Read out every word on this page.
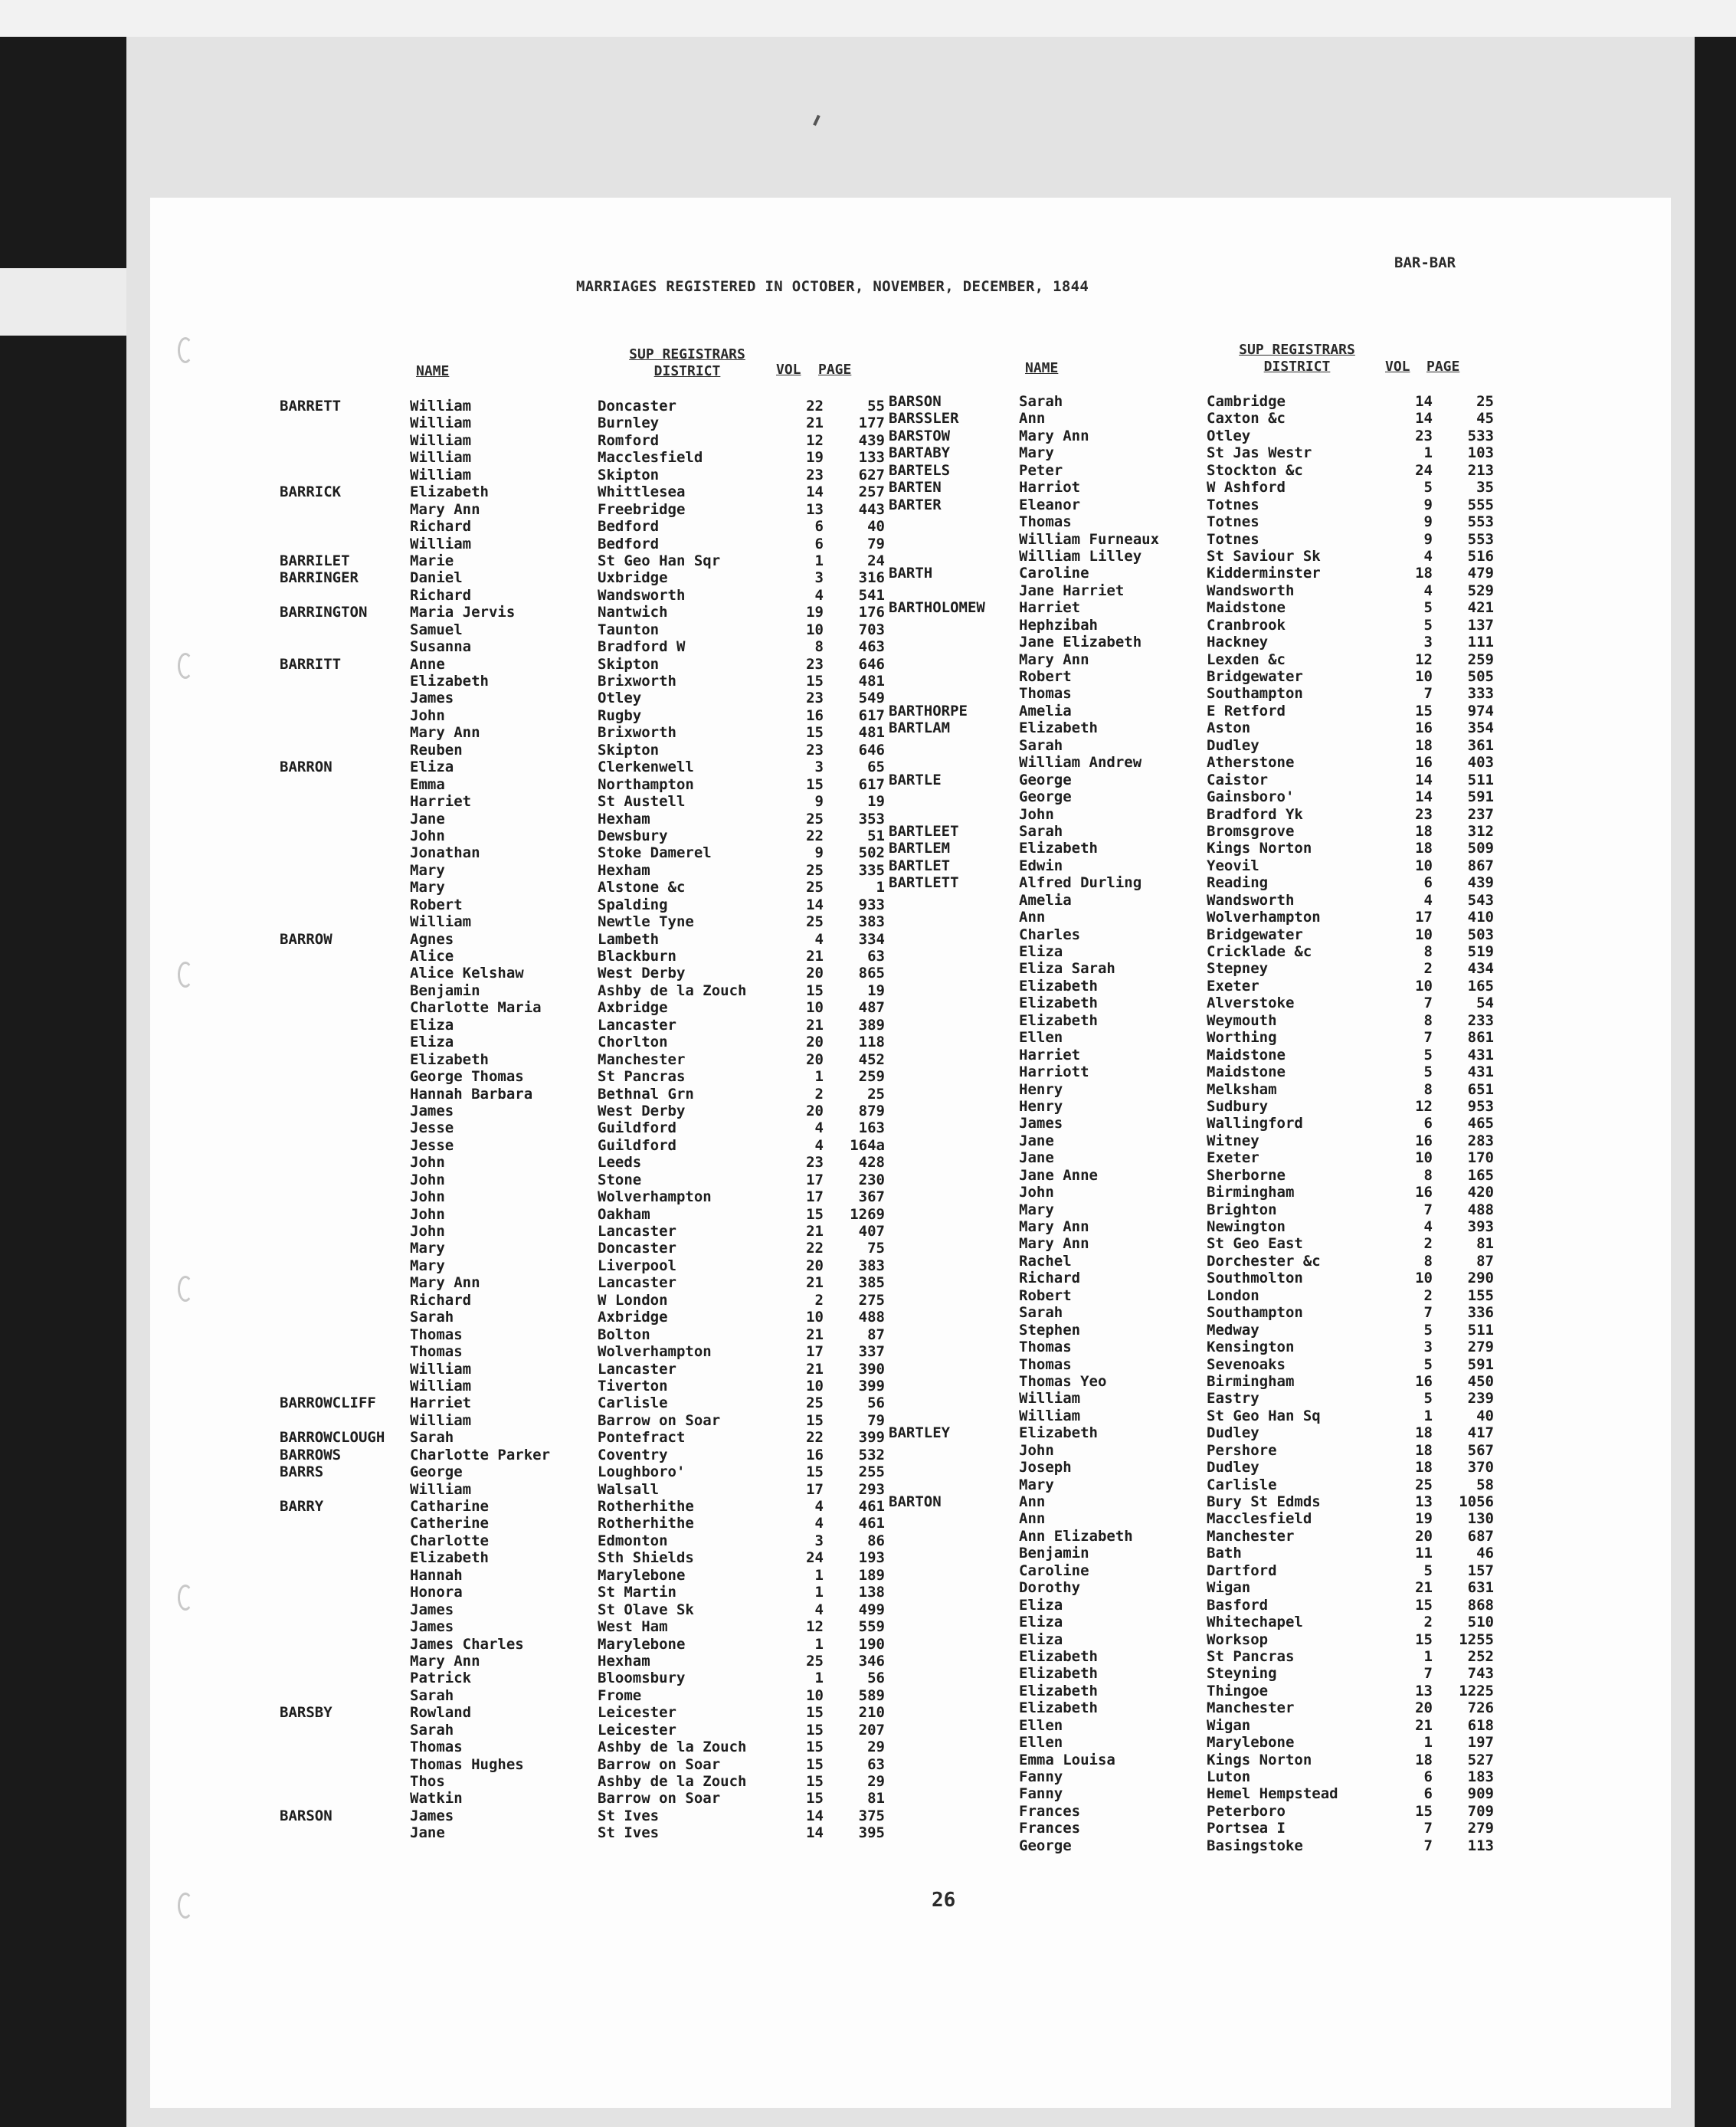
MARRIAGES REGISTERED IN OCTOBER, NOVEMBER, DECEMBER, 1844
BAR-BAR
NAME
SUP REGISTRARS DISTRICT	VOL PAGE	NAME
SUP REGISTRARS DISTRICT	VOL PAGE
BARRETT	William	Doncaster	22	55
William	Burnley	21	177
William	Romford	12	439
William	Macclesfield	19	133
William	Skipton	23	627
BARRICK	Elizabeth	Whittlesea	14	257
Mary Ann	Freebridge	13	443
Richard	Bedford	6	40
William	Bedford	6	79
BARRILET	Marie	St Geo Han Sqr	1	24
BARRINGER	Daniel	Uxbridge	3	316
Richard	Wandsworth	4	541
BARRINGTON	Maria Jervis	Nantwich	19	176
Samuel	Taunton	10	703
Susanna	Bradford W	8	463
BARRITT	Anne	Skipton	23	646
Elizabeth	Brixworth	15	481
James	Otley	23	549
John	Rugby	16	617
Mary Ann	Brixworth	15	481
Reuben	Skipton	23	646
BARRON	Eliza	Clerkenwell	3	65
Emma	Northampton	15	617
Harriet	St Austell	9	19
Jane	Hexham	25	353
John	Dewsbury	22	51
Jonathan	Stoke Damerel	9	502
Mary	Hexham	25	335
Mary	Alstone &c	25	1
Robert	Spalding	14	933
William	Newtle Tyne	25	383
BARROW	Agnes	Lambeth	4	334
Alice	Blackburn	21	63
Alice Kelshaw	West Derby	20	865
Benjamin	Ashby de la Zouch	15	19
Charlotte Maria	Axbridge	10	487
Eliza	Lancaster	21	389
Eliza	Chorlton	20	118
Elizabeth	Manchester	20	452
George Thomas	St Pancras	1	259
Hannah Barbara	Bethnal Grn	2	25
James	West Derby	20	879
Jesse	Guildford	4	163
Jesse	Guildford	4	164a
John	Leeds	23	428
John	Stone	17	230
John	Wolverhampton	17	367
John	Oakham	15	1269
John	Lancaster	21	407
Mary	Doncaster	22	75
Mary	Liverpool	20	383
Mary Ann	Lancaster	21	385
Richard	W London	2	275
Sarah	Axbridge	10	488
Thomas	Bolton	21	87
Thomas	Wolverhampton	17	337
William	Lancaster	21	390
William	Tiverton	10	399
BARROWCLIFF Harriet	Carlisle	25	56
William	Barrow on Soar	15	79
BARROWCLOUGH Sarah	Pontefract	22	399
BARROWS	Charlotte Parker	Coventry	16	532
BARRS	George	Loughboro'	15	255
William	Walsall	17	293
BARRY	Catharine	Rotherhithe	4	461
Catherine	Rotherhithe	4	461
Charlotte	Edmonton	3	86
Elizabeth	Sth Shields	24	193
Hannah	Marylebone	1	189
Honora	St Martin	1	138
James	St Olave Sk	4	499
James	West Ham	12	559
James Charles	Marylebone	1	190
Mary Ann	Hexham	25	346
Patrick	Bloomsbury	1	56
Sarah	Frome	10	589
BARSBY	Rowland	Leicester	15	210
Sarah	Leicester	15	207
Thomas	Ashby de la Zouch	15	29
Thomas Hughes	Barrow on Soar	15	63
Thos	Ashby de la Zouch	15	29
Watkin	Barrow on Soar	15	81
BARSON	James	St Ives	14	375
Jane	St Ives	14	395
BARSON	Sarah	Cambridge	14	25
BARSSLER	Ann	Caxton &c	14	45
BARSTOW	Mary Ann	Otley	23	533
BARTABY	Mary	St Jas Westr	1	103
BARTELS	Peter	Stockton &c	24	213
BARTEN	Harriot	W Ashford	5	35
BARTER	Eleanor	Totnes	9	555
Thomas	Totnes	9	553
William Furneaux	Totnes	9	553
William Lilley	St Saviour Sk	4	516
BARTH	Caroline	Kidderminster	18	479
Jane Harriet	Wandsworth	4	529
BARTHOLOMEW Harriet	Maidstone	5	421
Hephzibah	Cranbrook	5	137
Jane Elizabeth	Hackney	3	111
Mary Ann	Lexden &c	12	259
Robert	Bridgewater	10	505
Thomas	Southampton	7	333
BARTHORPE	Amelia	E Retford	15	974
BARTLAM	Elizabeth	Aston	16	354
Sarah	Dudley	18	361
William Andrew	Atherstone	16	403
BARTLE	George	Caistor	14	511
George	Gainsboro'	14	591
John	Bradford Yk	23	237
BARTLEET	Sarah	Bromsgrove	18	312
BARTLEM	Elizabeth	Kings Norton	18	509
BARTLET	Edwin	Yeovil	10	867
BARTLETT	Alfred Durling	Reading	6	439
Amelia	Wandsworth	4	543
Ann	Wolverhampton	17	410
Charles	Bridgewater	10	503
Eliza	Cricklade &c	8	519
Eliza Sarah	Stepney	2	434
Elizabeth	Exeter	10	165
Elizabeth	Alverstoke	7	54
Elizabeth	Weymouth	8	233
Ellen	Worthing	7	861
Harriet	Maidstone	5	431
Harriott	Maidstone	5	431
Henry	Melksham	8	651
Henry	Sudbury	12	953
James	Wallingford	6	465
Jane	Witney	16	283
Jane	Exeter	10	170
Jane Anne	Sherborne	8	165
John	Birmingham	16	420
Mary	Brighton	7	488
Mary Ann	Newington	4	393
Mary Ann	St Geo East	2	81
Rachel	Dorchester &c	8	87
Richard	Southmolton	10	290
Robert	London	2	155
Sarah	Southampton	7	336
Stephen	Medway	5	511
Thomas	Kensington	3	279
Thomas	Sevenoaks	5	591
Thomas Yeo	Birmingham	16	450
William	Eastry	5	239
William	St Geo Han Sq	1	40
BARTLEY	Elizabeth	Dudley	18	417
John	Pershore	18	567
Joseph	Dudley	18	370
Mary	Carlisle	25	58
BARTON	Ann	Bury St Edmds	13	1056
Ann	Macclesfield	19	130
Ann Elizabeth	Manchester	20	687
Benjamin	Bath	11	46
Caroline	Dartford	5	157
Dorothy	Wigan	21	631
Eliza	Basford	15	868
Eliza	Whitechapel	2	510
Eliza	Worksop	15	1255
Elizabeth	St Pancras	1	252
Elizabeth	Steyning	7	743
Elizabeth	Thingoe	13	1225
Elizabeth	Manchester	20	726
Ellen	Wigan	21	618
Ellen	Marylebone	1	197
Emma Louisa	Kings Norton	18	527
Fanny	Luton	6	183
Fanny	Hemel Hempstead	6	909
Frances	Peterboro	15	709
Frances	Portsea I	7	279
George	Basingstoke	7	113
26
